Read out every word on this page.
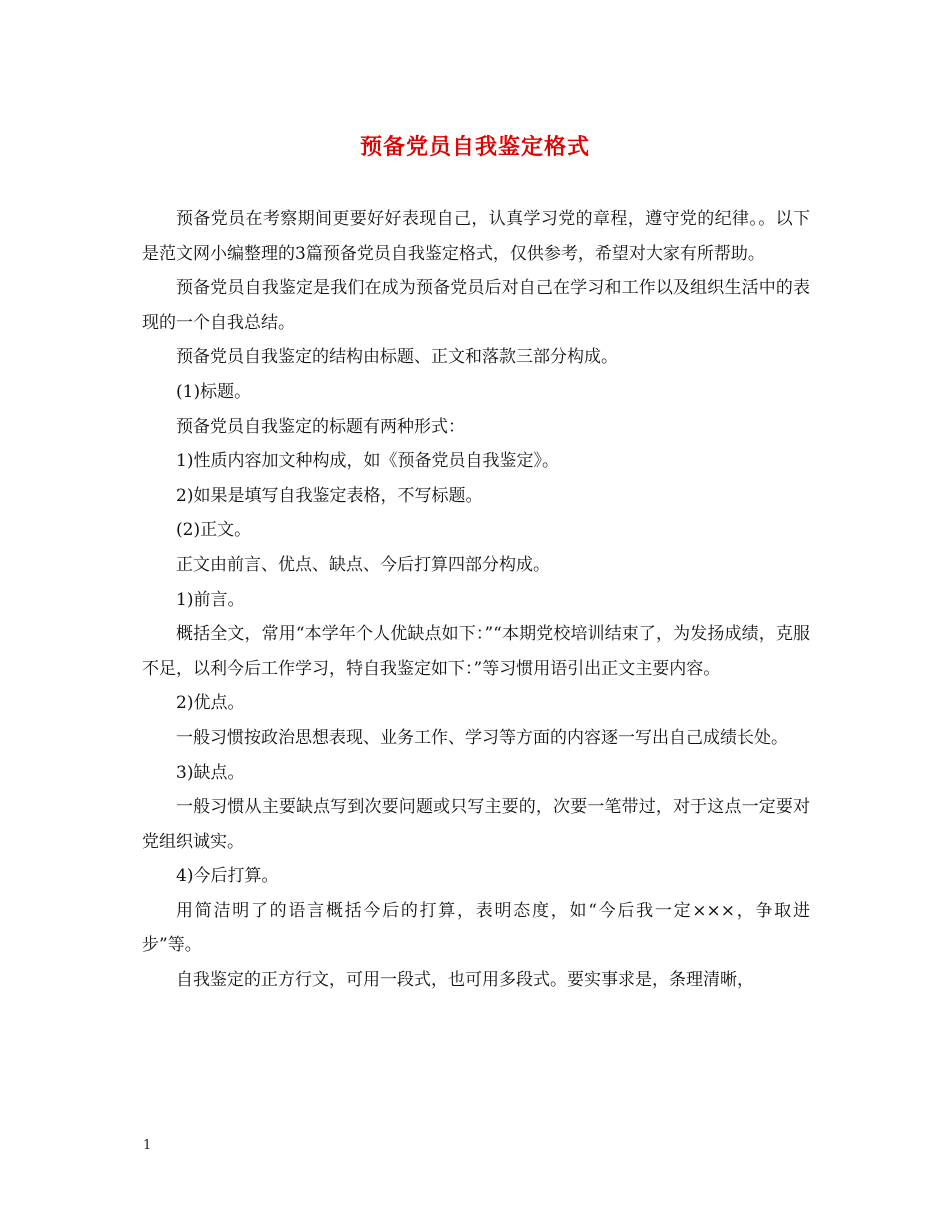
预备党员自我鉴定格式

预备党员在考察期间更要好好表现自己，认真学习党的章程，遵守党的纪律。。以下是范文网小编整理的3篇预备党员自我鉴定格式，仅供参考，希望对大家有所帮助。

预备党员自我鉴定是我们在成为预备党员后对自己在学习和工作以及组织生活中的表现的一个自我总结。

预备党员自我鉴定的结构由标题、正文和落款三部分构成。

(1)标题。

预备党员自我鉴定的标题有两种形式：

1)性质内容加文种构成，如《预备党员自我鉴定》。

2)如果是填写自我鉴定表格，不写标题。

(2)正文。

正文由前言、优点、缺点、今后打算四部分构成。

1)前言。

概括全文，常用“本学年个人优缺点如下：”“本期党校培训结束了，为发扬成绩，克服不足，以利今后工作学习，特自我鉴定如下：”等习惯用语引出正文主要内容。

2)优点。

一般习惯按政治思想表现、业务工作、学习等方面的内容逐一写出自己成绩长处。

3)缺点。

一般习惯从主要缺点写到次要问题或只写主要的，次要一笔带过，对于这点一定要对党组织诚实。

4)今后打算。

用简洁明了的语言概括今后的打算，表明态度，如“今后我一定×××，争取进步”等。

自我鉴定的正方行文，可用一段式，也可用多段式。要实事求是，条理清晰，

1
